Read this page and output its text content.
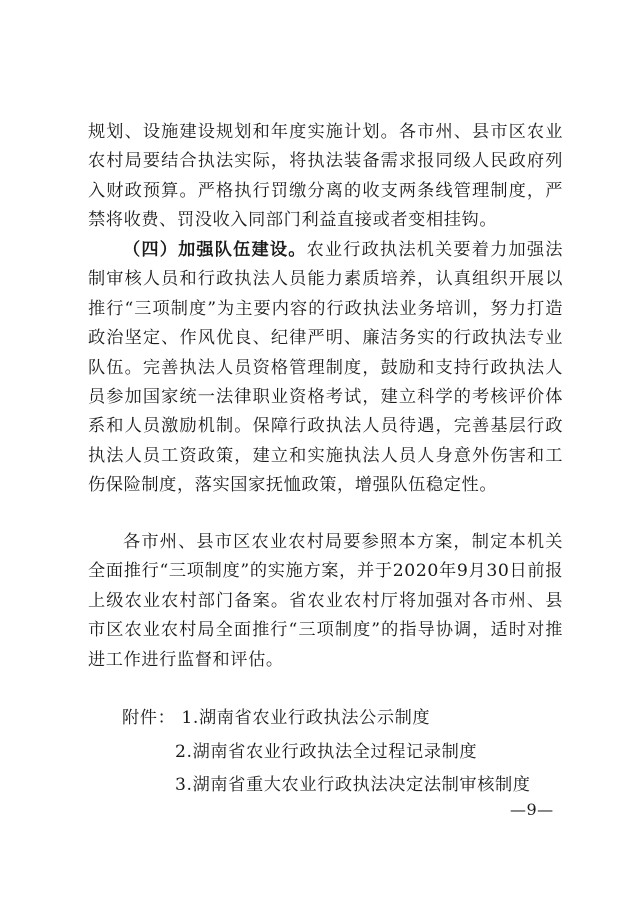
规划、设施建设规划和年度实施计划。各市州、县市区农业农村局要结合执法实际，将执法装备需求报同级人民政府列入财政预算。严格执行罚缴分离的收支两条线管理制度，严禁将收费、罚没收入同部门利益直接或者变相挂钩。

（四）加强队伍建设。农业行政执法机关要着力加强法制审核人员和行政执法人员能力素质培养，认真组织开展以推行“三项制度”为主要内容的行政执法业务培训，努力打造政治坚定、作风优良、纪律严明、廉洁务实的行政执法专业队伍。完善执法人员资格管理制度，鼓励和支持行政执法人员参加国家统一法律职业资格考试，建立科学的考核评价体系和人员激励机制。保障行政执法人员待遇，完善基层行政执法人员工资政策，建立和实施执法人员人身意外伤害和工伤保险制度，落实国家抚恤政策，增强队伍稳定性。

各市州、县市区农业农村局要参照本方案，制定本机关全面推行“三项制度”的实施方案，并于2020年9月30日前报上级农业农村部门备案。省农业农村厅将加强对各市州、县市区农业农村局全面推行“三项制度”的指导协调，适时对推进工作进行监督和评估。

附件： 1.湖南省农业行政执法公示制度
2.湖南省农业行政执法全过程记录制度
3.湖南省重大农业行政执法决定法制审核制度
—9—
